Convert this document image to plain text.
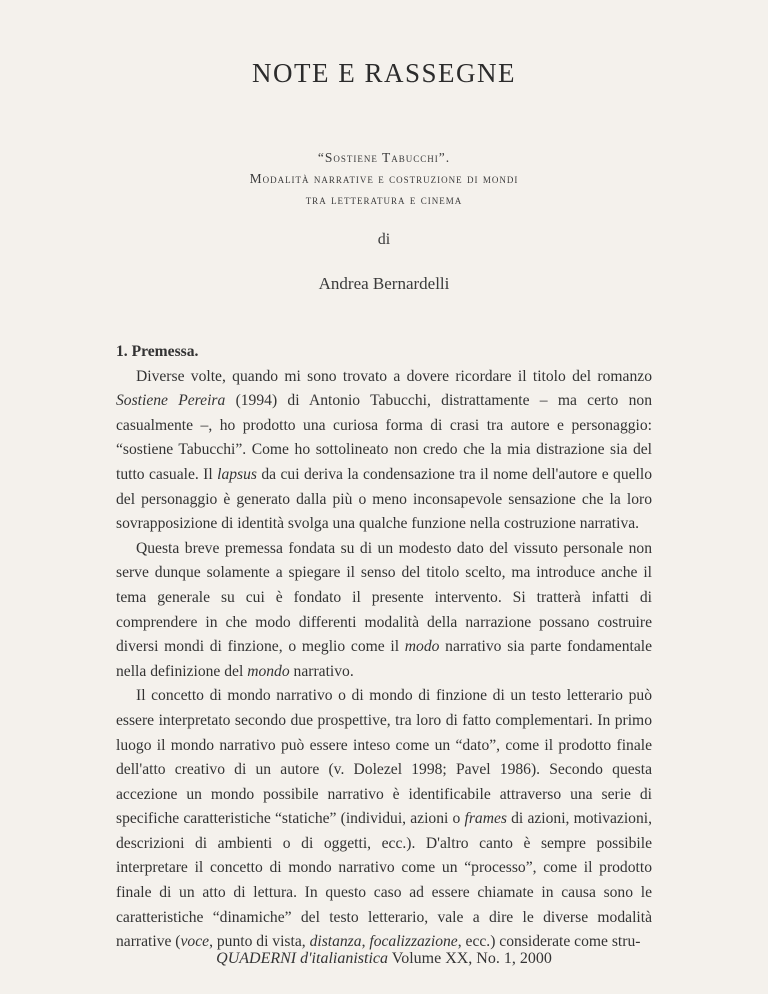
NOTE E RASSEGNE
“Sostiene Tabucchi”.
Modalità narrative e costruzione di mondi
tra letteratura e cinema
di
Andrea Bernardelli
1. Premessa.

Diverse volte, quando mi sono trovato a dovere ricordare il titolo del romanzo Sostiene Pereira (1994) di Antonio Tabucchi, distrattamente – ma certo non casualmente –, ho prodotto una curiosa forma di crasi tra autore e personaggio: “sostiene Tabucchi”. Come ho sottolineato non credo che la mia distrazione sia del tutto casuale. Il lapsus da cui deriva la condensazione tra il nome dell'autore e quello del personaggio è generato dalla più o meno inconsapevole sensazione che la loro sovrapposizione di identità svolga una qualche funzione nella costruzione narrativa.

Questa breve premessa fondata su di un modesto dato del vissuto personale non serve dunque solamente a spiegare il senso del titolo scelto, ma introduce anche il tema generale su cui è fondato il presente intervento. Si tratterà infatti di comprendere in che modo differenti modalità della narrazione possano costruire diversi mondi di finzione, o meglio come il modo narrativo sia parte fondamentale nella definizione del mondo narrativo.

Il concetto di mondo narrativo o di mondo di finzione di un testo letterario può essere interpretato secondo due prospettive, tra loro di fatto complementari. In primo luogo il mondo narrativo può essere inteso come un “dato”, come il prodotto finale dell'atto creativo di un autore (v. Dolezel 1998; Pavel 1986). Secondo questa accezione un mondo possibile narrativo è identificabile attraverso una serie di specifiche caratteristiche “statiche” (individui, azioni o frames di azioni, motivazioni, descrizioni di ambienti o di oggetti, ecc.). D'altro canto è sempre possibile interpretare il concetto di mondo narrativo come un “processo”, come il prodotto finale di un atto di lettura. In questo caso ad essere chiamate in causa sono le caratteristiche “dinamiche” del testo letterario, vale a dire le diverse modalità narrative (voce, punto di vista, distanza, focalizzazione, ecc.) considerate come stru-

QUADERNI d'italianistica Volume XX, No. 1, 2000
